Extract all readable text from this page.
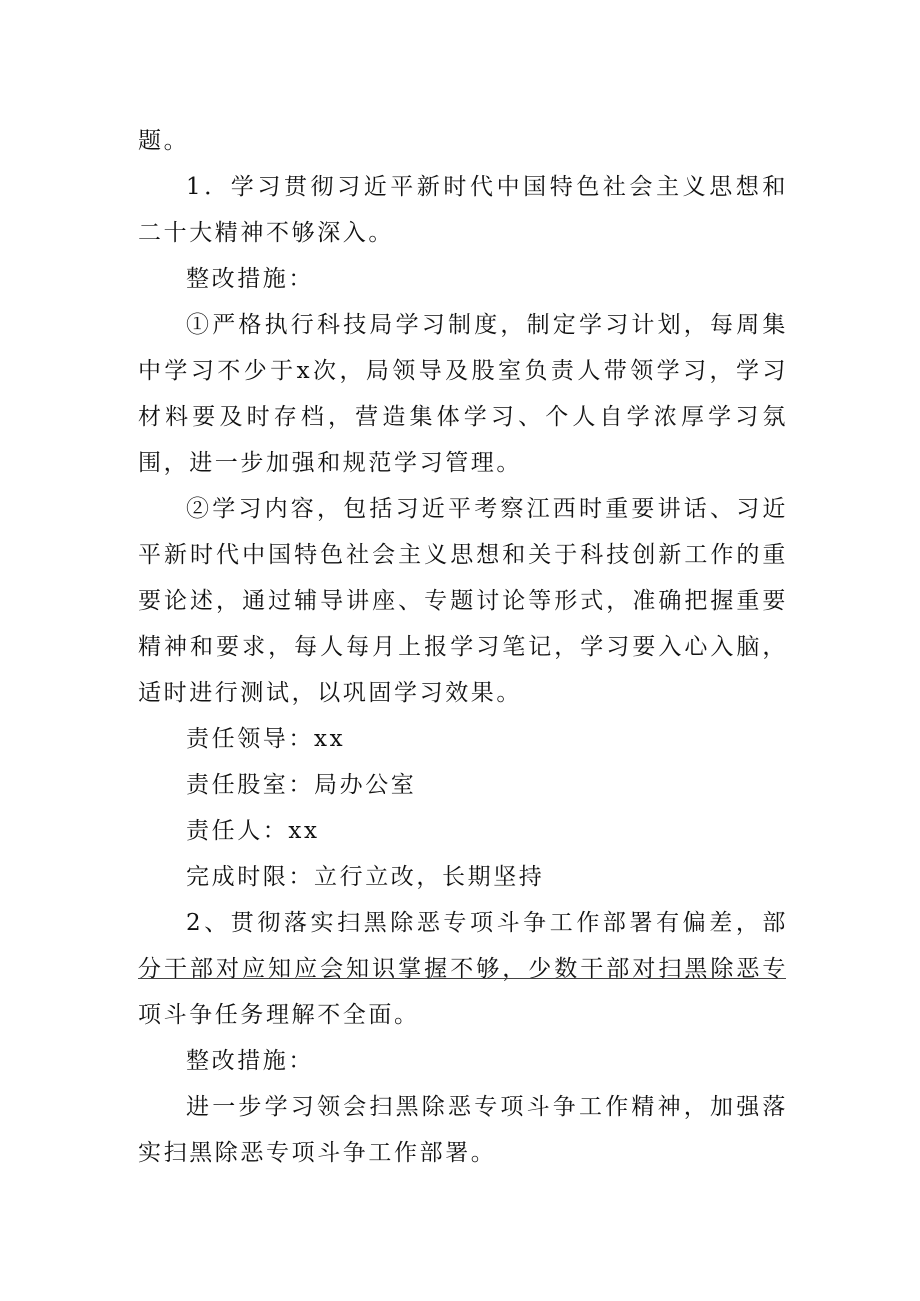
题。

1．学习贯彻习近平新时代中国特色社会主义思想和二十大精神不够深入。

整改措施：

①严格执行科技局学习制度，制定学习计划，每周集中学习不少于x次，局领导及股室负责人带领学习，学习材料要及时存档，营造集体学习、个人自学浓厚学习氛围，进一步加强和规范学习管理。

②学习内容，包括习近平考察江西时重要讲话、习近平新时代中国特色社会主义思想和关于科技创新工作的重要论述，通过辅导讲座、专题讨论等形式，准确把握重要精神和要求，每人每月上报学习笔记，学习要入心入脑，适时进行测试，以巩固学习效果。

责任领导：xx

责任股室：局办公室

责任人：xx

完成时限：立行立改，长期坚持

2、贯彻落实扫黑除恶专项斗争工作部署有偏差，部分干部对应知应会知识掌握不够，少数干部对扫黑除恶专项斗争任务理解不全面。

整改措施：

进一步学习领会扫黑除恶专项斗争工作精神，加强落实扫黑除恶专项斗争工作部署。
